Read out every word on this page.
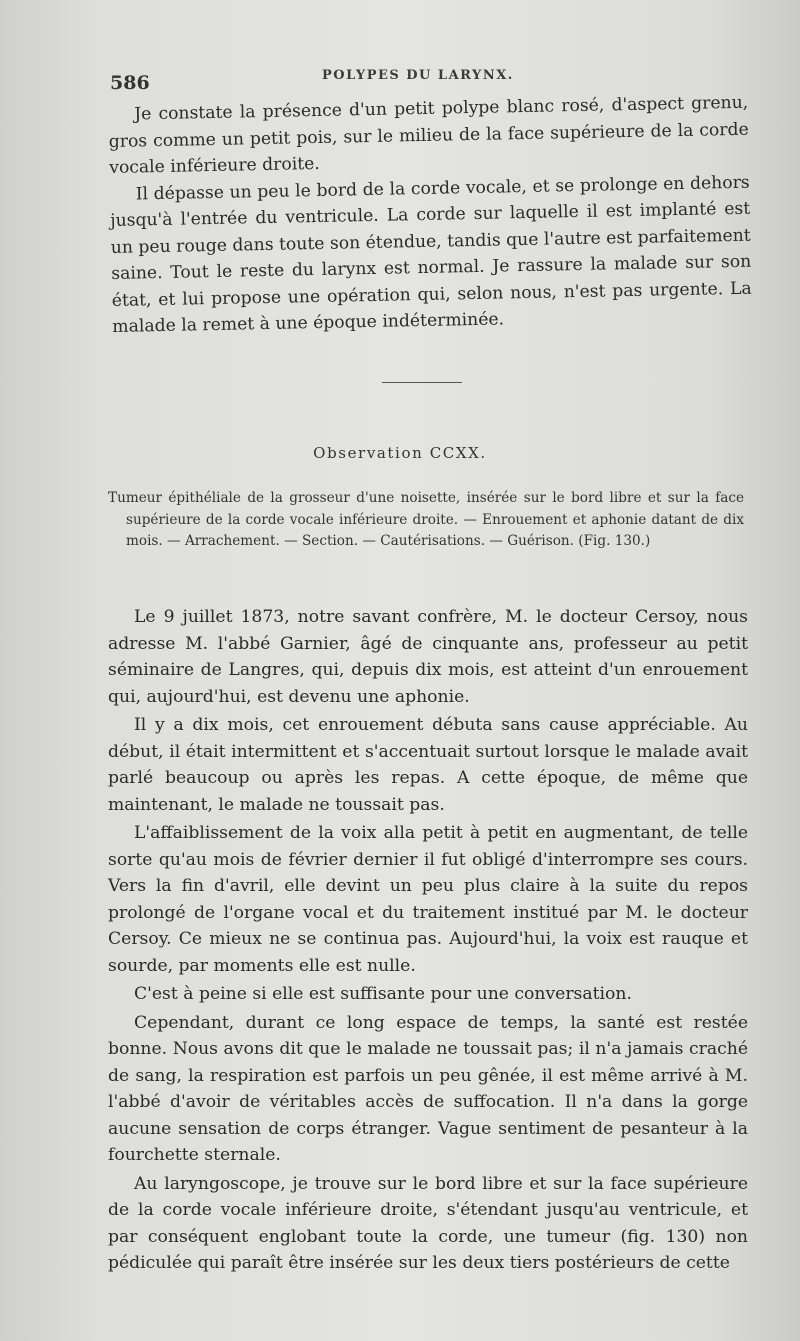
586	POLYPES DU LARYNX.

Je constate la présence d'un petit polype blanc rosé, d'aspect grenu, gros comme un petit pois, sur le milieu de la face supérieure de la corde vocale inférieure droite.

Il dépasse un peu le bord de la corde vocale, et se prolonge en dehors jusqu'à l'entrée du ventricule. La corde sur laquelle il est implanté est un peu rouge dans toute son étendue, tandis que l'autre est parfaitement saine. Tout le reste du larynx est normal. Je rassure la malade sur son état, et lui propose une opération qui, selon nous, n'est pas urgente. La malade la remet à une époque indéterminée.

Observation CCXX.

Tumeur épithéliale de la grosseur d'une noisette, insérée sur le bord libre et sur la face supérieure de la corde vocale inférieure droite. — Enrouement et aphonie datant de dix mois. — Arrachement. — Section. — Cautérisations. — Guérison. (Fig. 130.)

Le 9 juillet 1873, notre savant confrère, M. le docteur Cersoy, nous adresse M. l'abbé Garnier, âgé de cinquante ans, professeur au petit séminaire de Langres, qui, depuis dix mois, est atteint d'un enrouement qui, aujourd'hui, est devenu une aphonie.

Il y a dix mois, cet enrouement débuta sans cause appréciable. Au début, il était intermittent et s'accentuait surtout lorsque le malade avait parlé beaucoup ou après les repas. A cette époque, de même que maintenant, le malade ne toussait pas.

L'affaiblissement de la voix alla petit à petit en augmentant, de telle sorte qu'au mois de février dernier il fut obligé d'interrompre ses cours. Vers la fin d'avril, elle devint un peu plus claire à la suite du repos prolongé de l'organe vocal et du traitement institué par M. le docteur Cersoy. Ce mieux ne se continua pas. Aujourd'hui, la voix est rauque et sourde, par moments elle est nulle.

C'est à peine si elle est suffisante pour une conversation.

Cependant, durant ce long espace de temps, la santé est restée bonne. Nous avons dit que le malade ne toussait pas; il n'a jamais craché de sang, la respiration est parfois un peu gênée, il est même arrivé à M. l'abbé d'avoir de véritables accès de suffocation. Il n'a dans la gorge aucune sensation de corps étranger. Vague sentiment de pesanteur à la fourchette sternale.

Au laryngoscope, je trouve sur le bord libre et sur la face supérieure de la corde vocale inférieure droite, s'étendant jusqu'au ventricule, et par conséquent englobant toute la corde, une tumeur (fig. 130) non pédiculée qui paraît être insérée sur les deux tiers postérieurs de cette
